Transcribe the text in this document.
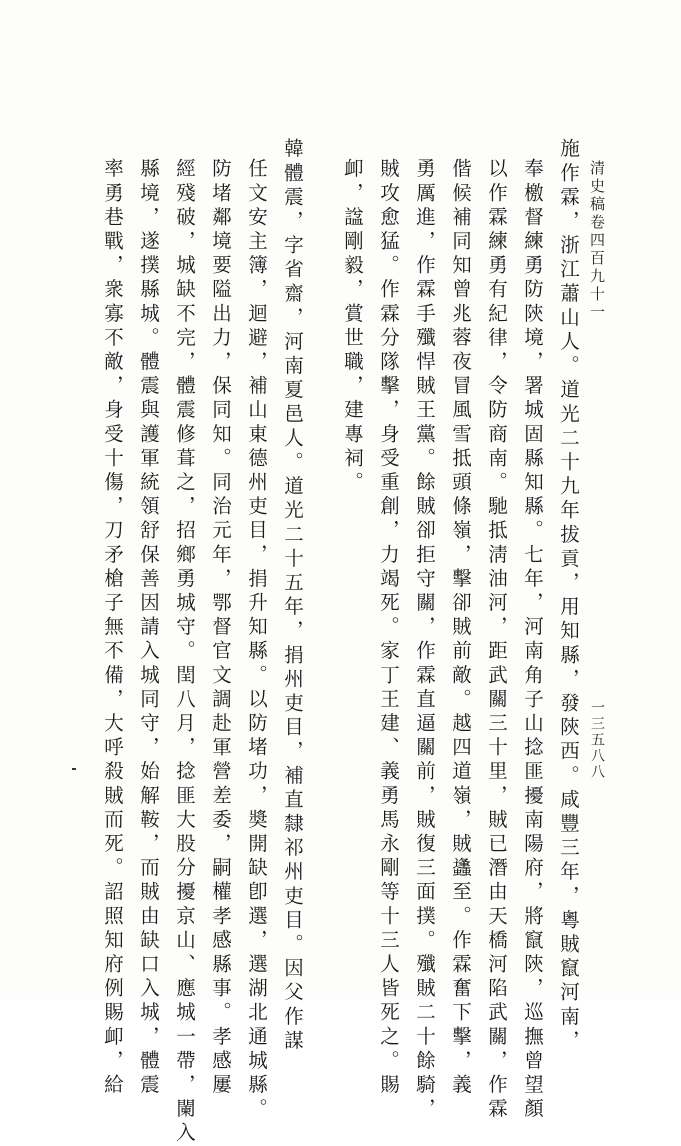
清史稿卷四百九十一
一三五八八
施作霖，浙江蕭山人。道光二十九年拔貢，用知縣，發陝西。咸豐三年，粵賊竄河南，
奉檄督練勇防陝境，署城固縣知縣。七年，河南角子山捻匪擾南陽府，將竄陝，巡撫曾望顏
以作霖練勇有紀律，令防商南。馳抵淸油河，距武關三十里，賊已潛由天橋河陷武關，作霖
偕候補同知曾兆蓉夜冒風雪抵頭條嶺，擊卻賊前敵。越四道嶺，賊蠭至。作霖奮下擊，義
勇厲進，作霖手殲悍賊王黨。餘賊卻拒守關，作霖直逼關前，賊復三面撲。殲賊二十餘騎，
賊攻愈猛。作霖分隊擊，身受重創，力竭死。家丁王建、義勇馬永剛等十三人皆死之。賜
卹，諡剛毅，賞世職，建專祠。
韓體震，字省齋，河南夏邑人。道光二十五年，捐州吏目，補直隸祁州吏目。因父作謀
任文安主簿，迴避，補山東德州吏目，捐升知縣。以防堵功，奬開缺卽選，選湖北通城縣。
防堵鄰境要隘出力，保同知。同治元年，鄂督官文調赴軍營差委，嗣權孝感縣事。孝感屢
經殘破，城缺不完，體震修葺之，招鄉勇城守。閏八月，捻匪大股分擾京山、應城一帶，闌入
縣境，遂撲縣城。體震與護軍統領舒保善因請入城同守，始解鞍，而賊由缺口入城，體震
率勇巷戰，衆寡不敵，身受十傷，刀矛槍子無不備，大呼殺賊而死。詔照知府例賜卹，給
